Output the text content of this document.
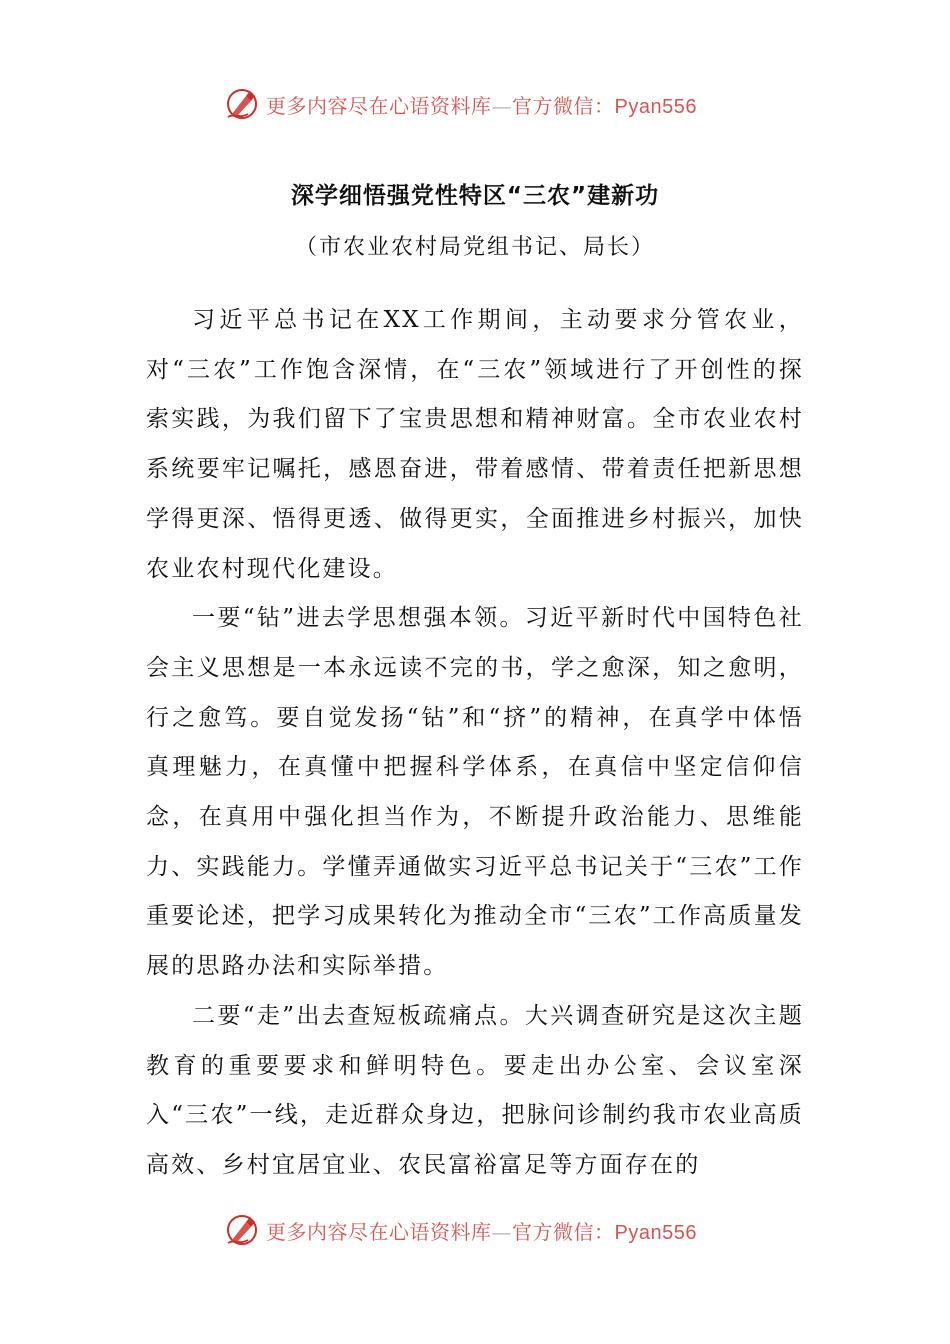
更多内容尽在心语资料库—官方微信：Pyan556
深学细悟强党性特区“三农”建新功
（市农业农村局党组书记、局长）

习近平总书记在XX工作期间，主动要求分管农业，对“三农”工作饱含深情，在“三农”领域进行了开创性的探索实践，为我们留下了宝贵思想和精神财富。全市农业农村系统要牢记嘱托，感恩奋进，带着感情、带着责任把新思想学得更深、悟得更透、做得更实，全面推进乡村振兴，加快农业农村现代化建设。

一要“钻”进去学思想强本领。习近平新时代中国特色社会主义思想是一本永远读不完的书，学之愈深，知之愈明，行之愈笃。要自觉发扬“钻”和“挤”的精神，在真学中体悟真理魅力，在真懂中把握科学体系，在真信中坚定信仰信念，在真用中强化担当作为，不断提升政治能力、思维能力、实践能力。学懂弄通做实习近平总书记关于“三农”工作重要论述，把学习成果转化为推动全市“三农”工作高质量发展的思路办法和实际举措。

二要“走”出去查短板疏痛点。大兴调查研究是这次主题教育的重要要求和鲜明特色。要走出办公室、会议室深入“三农”一线，走近群众身边，把脉问诊制约我市农业高质高效、乡村宜居宜业、农民富裕富足等方面存在的

更多内容尽在心语资料库—官方微信：Pyan556
